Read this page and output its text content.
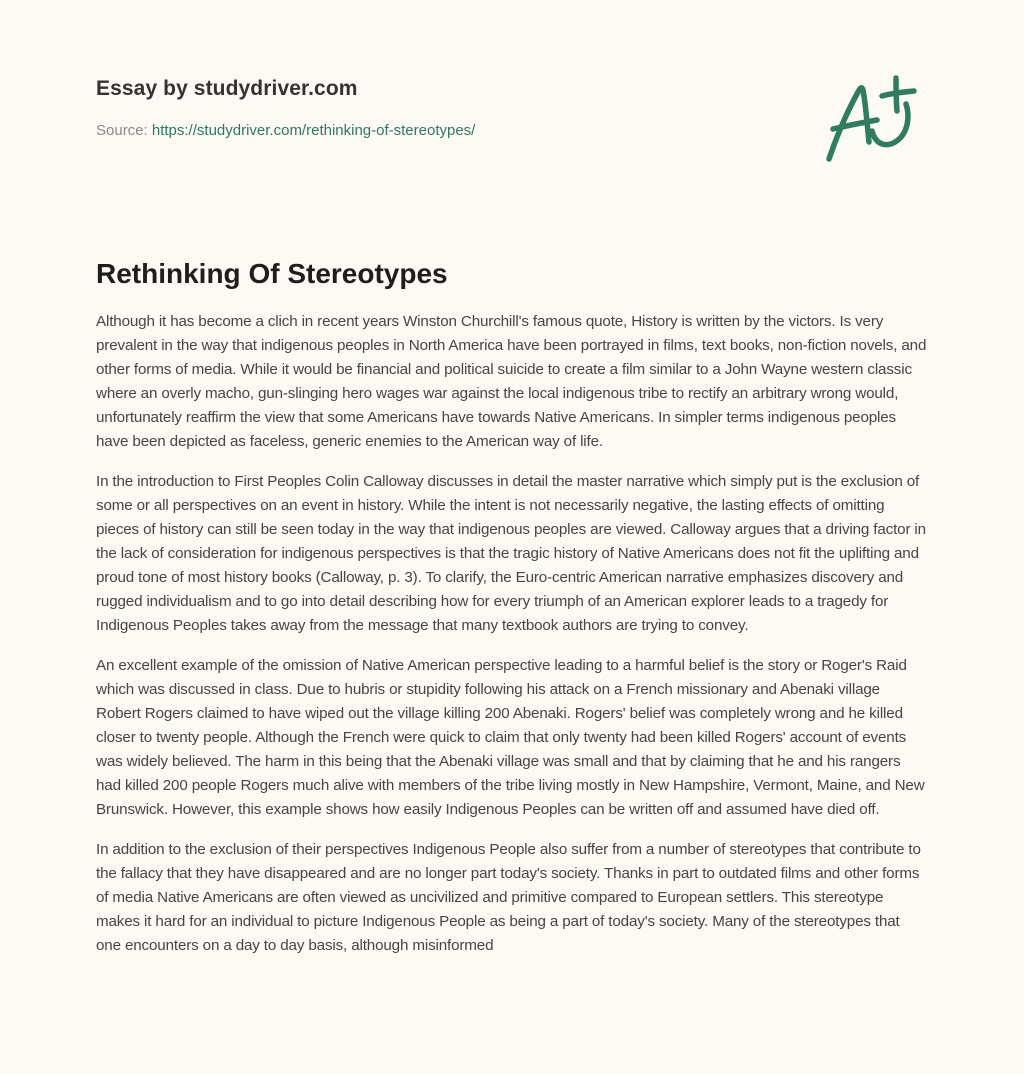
Essay by studydriver.com
Source: https://studydriver.com/rethinking-of-stereotypes/
Rethinking Of Stereotypes

Although it has become a clich in recent years Winston Churchill's famous quote, History is written by the victors. Is very prevalent in the way that indigenous peoples in North America have been portrayed in films, text books, non-fiction novels, and other forms of media. While it would be financial and political suicide to create a film similar to a John Wayne western classic where an overly macho, gun-slinging hero wages war against the local indigenous tribe to rectify an arbitrary wrong would, unfortunately reaffirm the view that some Americans have towards Native Americans. In simpler terms indigenous peoples have been depicted as faceless, generic enemies to the American way of life.

In the introduction to First Peoples Colin Calloway discusses in detail the master narrative which simply put is the exclusion of some or all perspectives on an event in history. While the intent is not necessarily negative, the lasting effects of omitting pieces of history can still be seen today in the way that indigenous peoples are viewed. Calloway argues that a driving factor in the lack of consideration for indigenous perspectives is that the tragic history of Native Americans does not fit the uplifting and proud tone of most history books (Calloway, p. 3). To clarify, the Euro-centric American narrative emphasizes discovery and rugged individualism and to go into detail describing how for every triumph of an American explorer leads to a tragedy for Indigenous Peoples takes away from the message that many textbook authors are trying to convey.

An excellent example of the omission of Native American perspective leading to a harmful belief is the story or Roger's Raid which was discussed in class. Due to hubris or stupidity following his attack on a French missionary and Abenaki village Robert Rogers claimed to have wiped out the village killing 200 Abenaki. Rogers' belief was completely wrong and he killed closer to twenty people. Although the French were quick to claim that only twenty had been killed Rogers' account of events was widely believed. The harm in this being that the Abenaki village was small and that by claiming that he and his rangers had killed 200 people Rogers much alive with members of the tribe living mostly in New Hampshire, Vermont, Maine, and New Brunswick. However, this example shows how easily Indigenous Peoples can be written off and assumed have died off.

In addition to the exclusion of their perspectives Indigenous People also suffer from a number of stereotypes that contribute to the fallacy that they have disappeared and are no longer part today's society. Thanks in part to outdated films and other forms of media Native Americans are often viewed as uncivilized and primitive compared to European settlers. This stereotype makes it hard for an individual to picture Indigenous People as being a part of today's society. Many of the stereotypes that one encounters on a day to day basis, although misinformed
